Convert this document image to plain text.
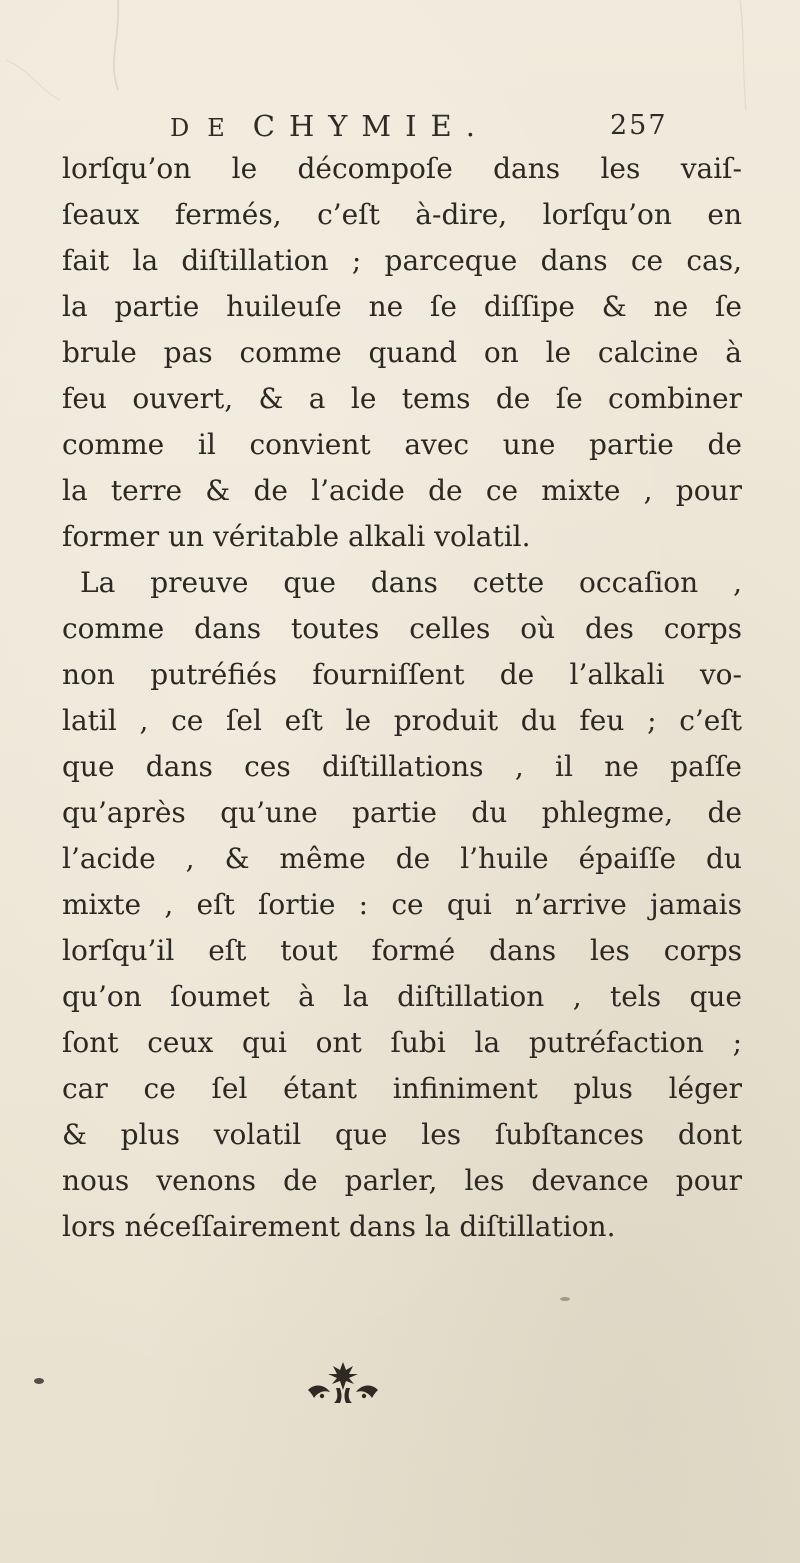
DE CHYMIE.	257
lorſqu’on le décompoſe dans les vaiſ-
ſeaux fermés, c’eſt à-dire, lorſqu’on en
fait la diſtillation ; parceque dans ce cas,
la partie huileuſe ne ſe diſſipe & ne ſe
brule pas comme quand on le calcine à
feu ouvert, & a le tems de ſe combiner
comme il convient avec une partie de
la terre & de l’acide de ce mixte , pour
former un véritable alkali volatil.
La preuve que dans cette occaſion ,
comme dans toutes celles où des corps
non putréfiés fourniſſent de l’alkali vo-
latil , ce ſel eſt le produit du feu ; c’eſt
que dans ces diſtillations , il ne paſſe
qu’après qu’une partie du phlegme, de
l’acide , & même de l’huile épaiſſe du
mixte , eſt ſortie : ce qui n’arrive jamais
lorſqu’il eſt tout formé dans les corps
qu’on ſoumet à la diſtillation , tels que
ſont ceux qui ont ſubi la putréfaction ;
car ce ſel étant infiniment plus léger
& plus volatil que les ſubſtances dont
nous venons de parler, les devance pour
lors néceſſairement dans la diſtillation.
